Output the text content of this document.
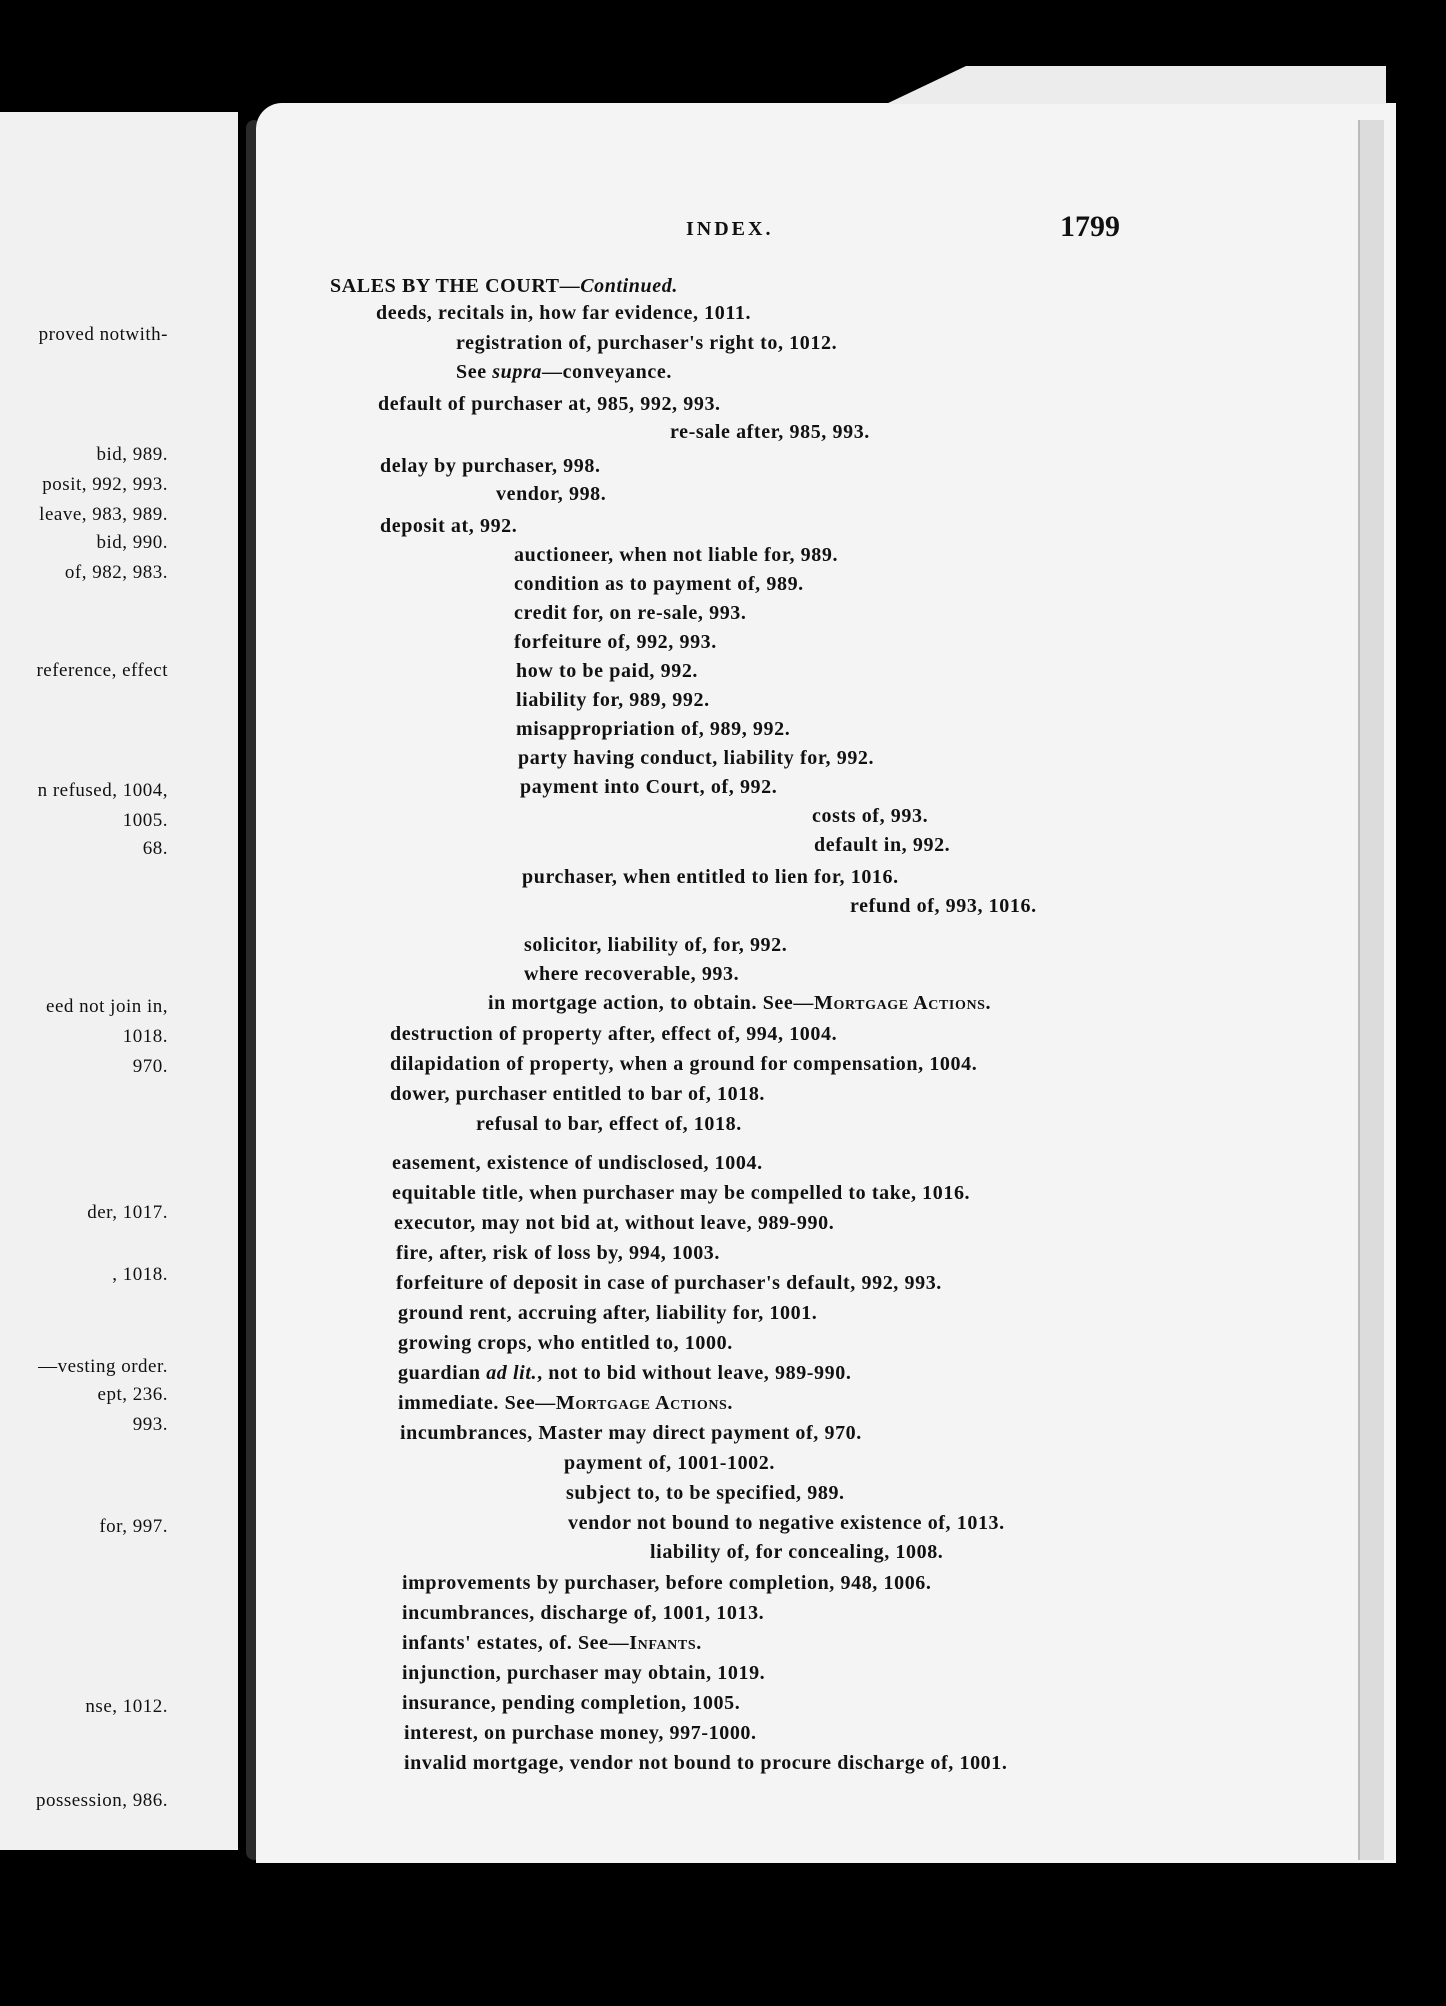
proved notwith-
bid, 989.
posit, 992, 993.
leave, 983, 989.
bid, 990.
of, 982, 983.
reference, effect
n refused, 1004,
1005.
68.
eed not join in,
1018.
970.
der, 1017.
, 1018.
—vesting order.
ept, 236.
993.
for, 997.
nse, 1012.
possession, 986.
INDEX.	1799
SALES BY THE COURT—Continued.
deeds, recitals in, how far evidence, 1011.
registration of, purchaser's right to, 1012.
See supra—conveyance.
default of purchaser at, 985, 992, 993.
re-sale after, 985, 993.
delay by purchaser, 998.
vendor, 998.
deposit at, 992.
auctioneer, when not liable for, 989.
condition as to payment of, 989.
credit for, on re-sale, 993.
forfeiture of, 992, 993.
how to be paid, 992.
liability for, 989, 992.
misappropriation of, 989, 992.
party having conduct, liability for, 992.
payment into Court, of, 992.
costs of, 993.
default in, 992.
purchaser, when entitled to lien for, 1016.
refund of, 993, 1016.
solicitor, liability of, for, 992.
where recoverable, 993.
in mortgage action, to obtain. See—Mortgage Actions.
destruction of property after, effect of, 994, 1004.
dilapidation of property, when a ground for compensation, 1004.
dower, purchaser entitled to bar of, 1018.
refusal to bar, effect of, 1018.
easement, existence of undisclosed, 1004.
equitable title, when purchaser may be compelled to take, 1016.
executor, may not bid at, without leave, 989-990.
fire, after, risk of loss by, 994, 1003.
forfeiture of deposit in case of purchaser's default, 992, 993.
ground rent, accruing after, liability for, 1001.
growing crops, who entitled to, 1000.
guardian ad lit., not to bid without leave, 989-990.
immediate. See—Mortgage Actions.
incumbrances, Master may direct payment of, 970.
payment of, 1001-1002.
subject to, to be specified, 989.
vendor not bound to negative existence of, 1013.
liability of, for concealing, 1008.
improvements by purchaser, before completion, 948, 1006.
incumbrances, discharge of, 1001, 1013.
infants' estates, of. See—Infants.
injunction, purchaser may obtain, 1019.
insurance, pending completion, 1005.
interest, on purchase money, 997-1000.
invalid mortgage, vendor not bound to procure discharge of, 1001.
